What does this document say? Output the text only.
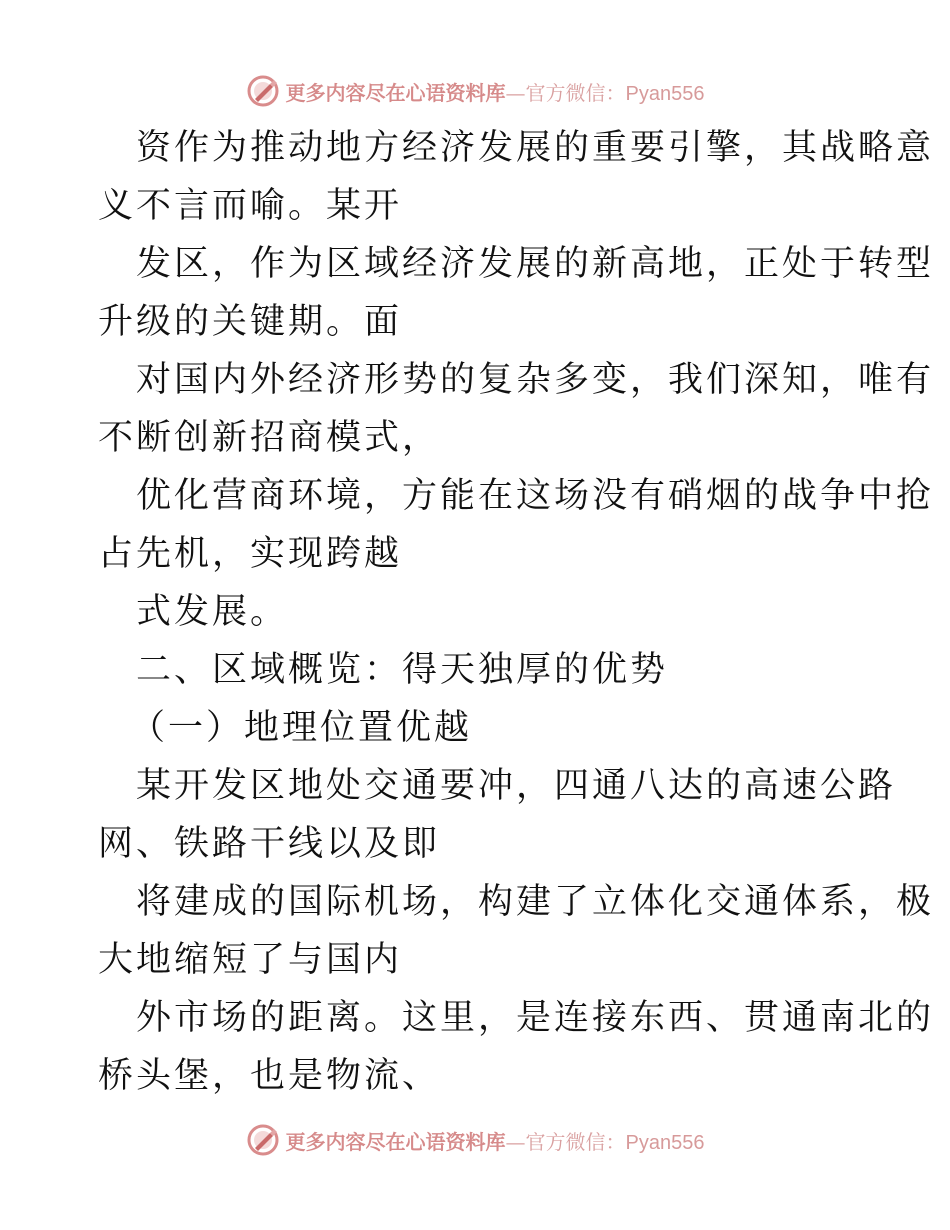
更多内容尽在心语资料库—官方微信：Pyan556
资作为推动地方经济发展的重要引擎，其战略意
义不言而喻。某开
发区，作为区域经济发展的新高地，正处于转型
升级的关键期。面
对国内外经济形势的复杂多变，我们深知，唯有
不断创新招商模式，
优化营商环境，方能在这场没有硝烟的战争中抢
占先机，实现跨越
式发展。
二、区域概览：得天独厚的优势
（一）地理位置优越
某开发区地处交通要冲，四通八达的高速公路
网、铁路干线以及即
将建成的国际机场，构建了立体化交通体系，极
大地缩短了与国内
外市场的距离。这里，是连接东西、贯通南北的
桥头堡，也是物流、
更多内容尽在心语资料库—官方微信：Pyan556
